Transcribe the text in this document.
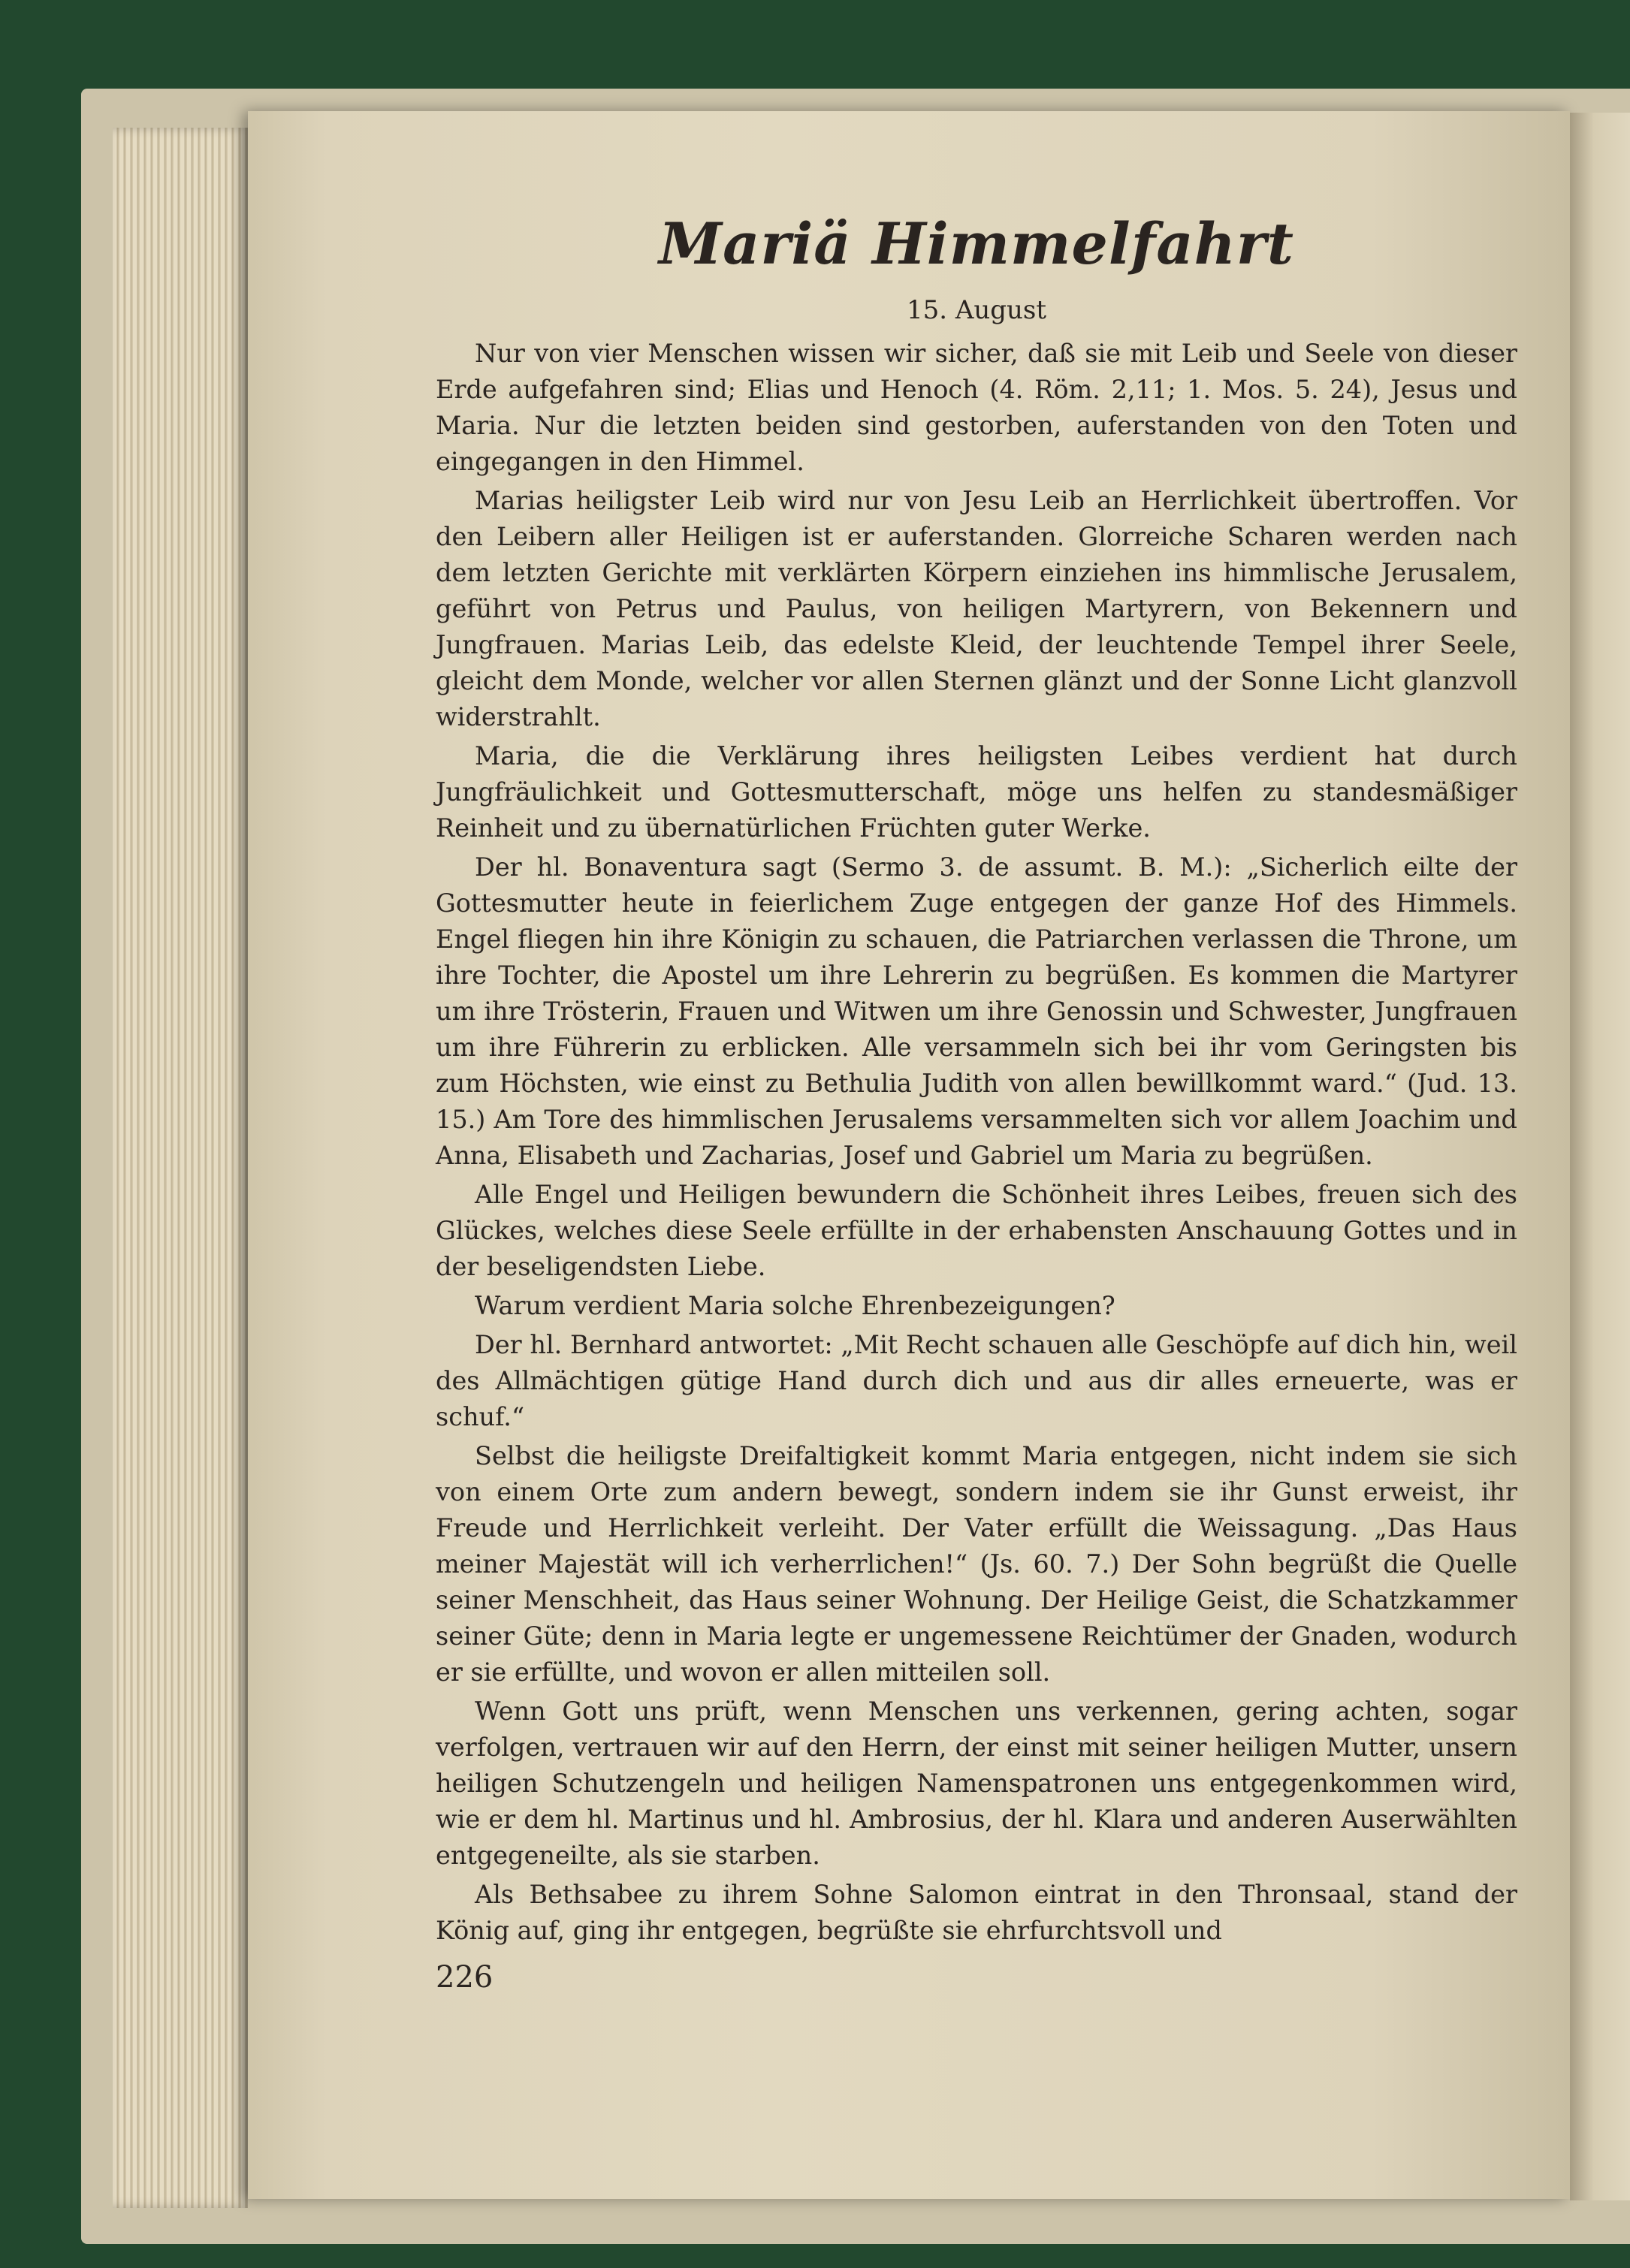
Mariä Himmelfahrt
15. August

Nur von vier Menschen wissen wir sicher, daß sie mit Leib und Seele von dieser Erde aufgefahren sind; Elias und Henoch (4. Röm. 2,11; 1. Mos. 5. 24), Jesus und Maria. Nur die letzten beiden sind gestorben, auferstanden von den Toten und eingegangen in den Himmel.

Marias heiligster Leib wird nur von Jesu Leib an Herrlichkeit übertroffen. Vor den Leibern aller Heiligen ist er auferstanden. Glorreiche Scharen werden nach dem letzten Gerichte mit verklärten Körpern einziehen ins himmlische Jerusalem, geführt von Petrus und Paulus, von heiligen Martyrern, von Bekennern und Jungfrauen. Marias Leib, das edelste Kleid, der leuchtende Tempel ihrer Seele, gleicht dem Monde, welcher vor allen Sternen glänzt und der Sonne Licht glanzvoll widerstrahlt.

Maria, die die Verklärung ihres heiligsten Leibes verdient hat durch Jungfräulichkeit und Gottesmutterschaft, möge uns helfen zu standesmäßiger Reinheit und zu übernatürlichen Früchten guter Werke.

Der hl. Bonaventura sagt (Sermo 3. de assumt. B. M.): „Sicherlich eilte der Gottesmutter heute in feierlichem Zuge entgegen der ganze Hof des Himmels. Engel fliegen hin ihre Königin zu schauen, die Patriarchen verlassen die Throne, um ihre Tochter, die Apostel um ihre Lehrerin zu begrüßen. Es kommen die Martyrer um ihre Trösterin, Frauen und Witwen um ihre Genossin und Schwester, Jungfrauen um ihre Führerin zu erblicken. Alle versammeln sich bei ihr vom Geringsten bis zum Höchsten, wie einst zu Bethulia Judith von allen bewillkommt ward.“ (Jud. 13. 15.) Am Tore des himmlischen Jerusalems versammelten sich vor allem Joachim und Anna, Elisabeth und Zacharias, Josef und Gabriel um Maria zu begrüßen.

Alle Engel und Heiligen bewundern die Schönheit ihres Leibes, freuen sich des Glückes, welches diese Seele erfüllte in der erhabensten Anschauung Gottes und in der beseligendsten Liebe.

Warum verdient Maria solche Ehrenbezeigungen?

Der hl. Bernhard antwortet: „Mit Recht schauen alle Geschöpfe auf dich hin, weil des Allmächtigen gütige Hand durch dich und aus dir alles erneuerte, was er schuf.“

Selbst die heiligste Dreifaltigkeit kommt Maria entgegen, nicht indem sie sich von einem Orte zum andern bewegt, sondern indem sie ihr Gunst erweist, ihr Freude und Herrlichkeit verleiht. Der Vater erfüllt die Weissagung. „Das Haus meiner Majestät will ich verherrlichen!“ (Js. 60. 7.) Der Sohn begrüßt die Quelle seiner Menschheit, das Haus seiner Wohnung. Der Heilige Geist, die Schatzkammer seiner Güte; denn in Maria legte er ungemessene Reichtümer der Gnaden, wodurch er sie erfüllte, und wovon er allen mitteilen soll.

Wenn Gott uns prüft, wenn Menschen uns verkennen, gering achten, sogar verfolgen, vertrauen wir auf den Herrn, der einst mit seiner heiligen Mutter, unsern heiligen Schutzengeln und heiligen Namenspatronen uns entgegenkommen wird, wie er dem hl. Martinus und hl. Ambrosius, der hl. Klara und anderen Auserwählten entgegeneilte, als sie starben.

Als Bethsabee zu ihrem Sohne Salomon eintrat in den Thronsaal, stand der König auf, ging ihr entgegen, begrüßte sie ehrfurchtsvoll und

226
